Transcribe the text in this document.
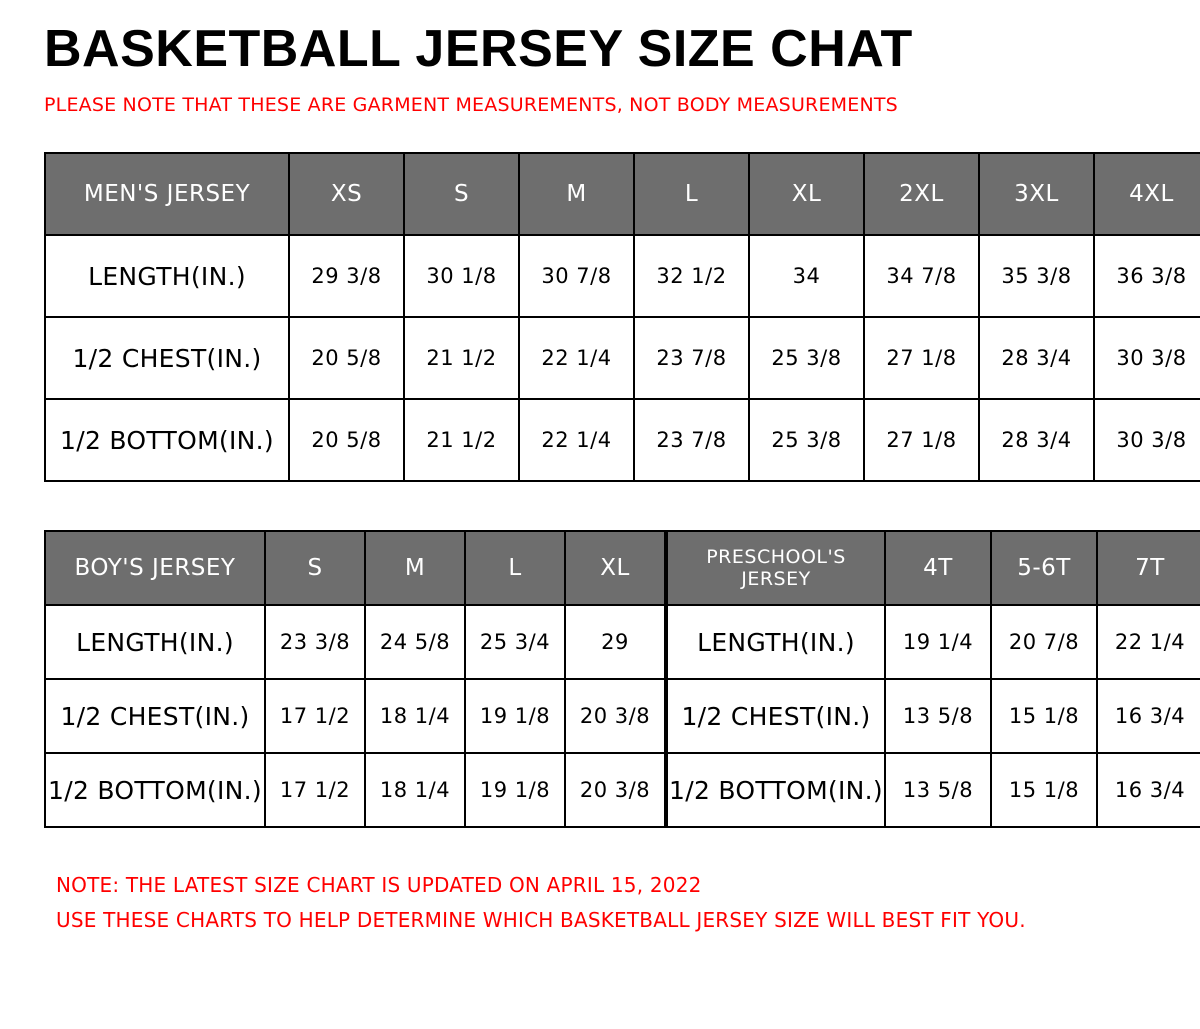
BASKETBALL JERSEY SIZE CHAT
PLEASE NOTE THAT THESE ARE GARMENT MEASUREMENTS, NOT BODY MEASUREMENTS
MEN'S JERSEY	XS	S	M	L	XL	2XL	3XL	4XL
LENGTH(IN.)	29 3/8	30 1/8	30 7/8	32 1/2	34	34 7/8	35 3/8	36 3/8
1/2 CHEST(IN.)	20 5/8	21 1/2	22 1/4	23 7/8	25 3/8	27 1/8	28 3/4	30 3/8
1/2 BOTTOM(IN.)	20 5/8	21 1/2	22 1/4	23 7/8	25 3/8	27 1/8	28 3/4	30 3/8
BOY'S JERSEY	S	M	L	XL
LENGTH(IN.)	23 3/8	24 5/8	25 3/4	29
1/2 CHEST(IN.)	17 1/2	18 1/4	19 1/8	20 3/8
1/2 BOTTOM(IN.)	17 1/2	18 1/4	19 1/8	20 3/8
PRESCHOOL'S JERSEY	4T	5-6T	7T
LENGTH(IN.)	19 1/4	20 7/8	22 1/4
1/2 CHEST(IN.)	13 5/8	15 1/8	16 3/4
1/2 BOTTOM(IN.)	13 5/8	15 1/8	16 3/4
NOTE: THE LATEST SIZE CHART IS UPDATED ON APRIL 15, 2022
USE THESE CHARTS TO HELP DETERMINE WHICH BASKETBALL JERSEY SIZE WILL BEST FIT YOU.
